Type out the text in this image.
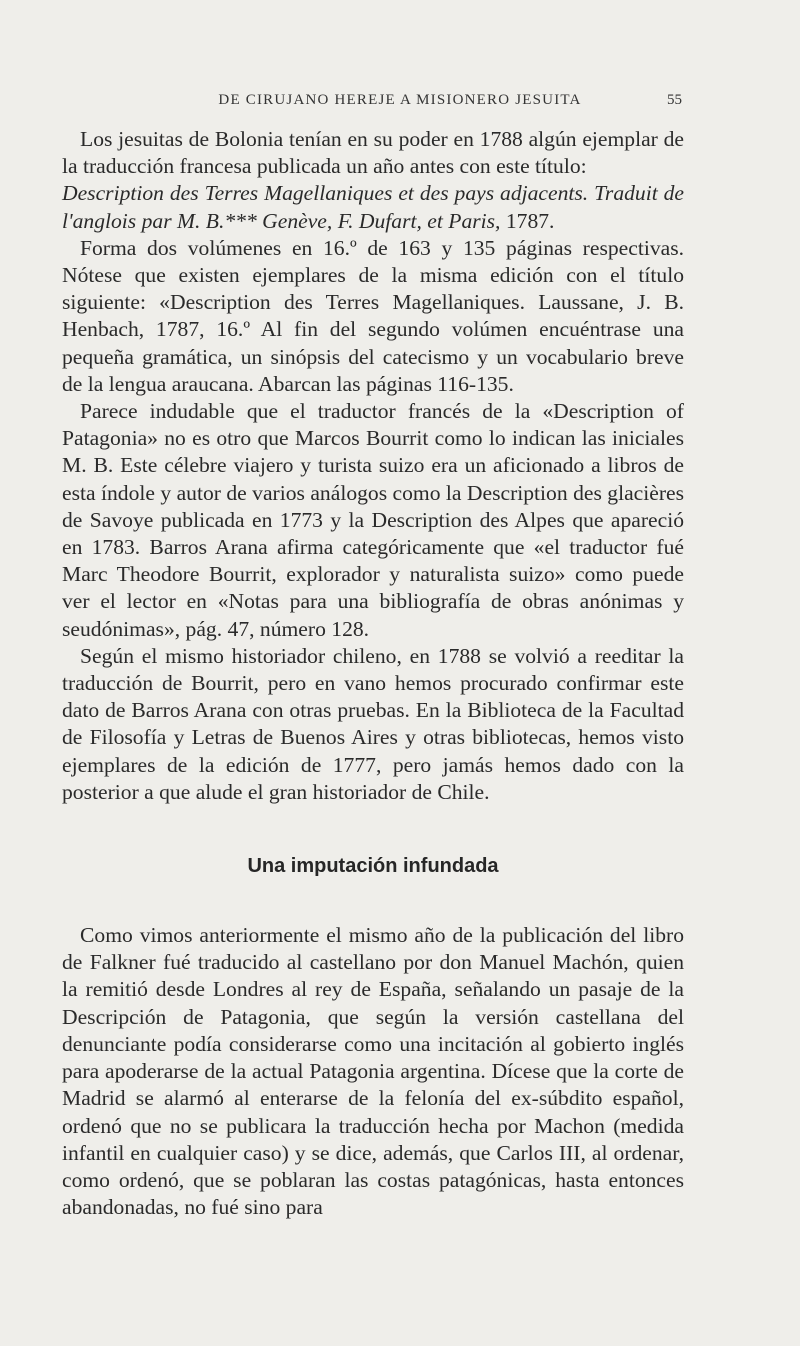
DE CIRUJANO HEREJE A MISIONERO JESUITA	55

Los jesuitas de Bolonia tenían en su poder en 1788 algún ejemplar de la traducción francesa publicada un año antes con este título:

Description des Terres Magellaniques et des pays adjacents. Traduit de l'anglois par M. B.*** Genève, F. Dufart, et Paris, 1787.

Forma dos volúmenes en 16.º de 163 y 135 páginas respectivas. Nótese que existen ejemplares de la misma edición con el título siguiente: «Description des Terres Magellaniques. Laussane, J. B. Henbach, 1787, 16.º Al fin del segundo volúmen encuéntrase una pequeña gramática, un sinópsis del catecismo y un vocabulario breve de la lengua araucana. Abarcan las páginas 116-135.

Parece indudable que el traductor francés de la «Description of Patagonia» no es otro que Marcos Bourrit como lo indican las iniciales M. B. Este célebre viajero y turista suizo era un aficionado a libros de esta índole y autor de varios análogos como la Description des glacières de Savoye publicada en 1773 y la Description des Alpes que apareció en 1783. Barros Arana afirma categóricamente que «el traductor fué Marc Theodore Bourrit, explorador y naturalista suizo» como puede ver el lector en «Notas para una bibliografía de obras anónimas y seudónimas», pág. 47, número 128.

Según el mismo historiador chileno, en 1788 se volvió a reeditar la traducción de Bourrit, pero en vano hemos procurado confirmar este dato de Barros Arana con otras pruebas. En la Biblioteca de la Facultad de Filosofía y Letras de Buenos Aires y otras bibliotecas, hemos visto ejemplares de la edición de 1777, pero jamás hemos dado con la posterior a que alude el gran historiador de Chile.

Una imputación infundada

Como vimos anteriormente el mismo año de la publicación del libro de Falkner fué traducido al castellano por don Manuel Machón, quien la remitió desde Londres al rey de España, señalando un pasaje de la Descripción de Patagonia, que según la versión castellana del denunciante podía considerarse como una incitación al gobierto inglés para apoderarse de la actual Patagonia argentina. Dícese que la corte de Madrid se alarmó al enterarse de la felonía del ex-súbdito español, ordenó que no se publicara la traducción hecha por Machon (medida infantil en cualquier caso) y se dice, además, que Carlos III, al ordenar, como ordenó, que se poblaran las costas patagónicas, hasta entonces abandonadas, no fué sino para
